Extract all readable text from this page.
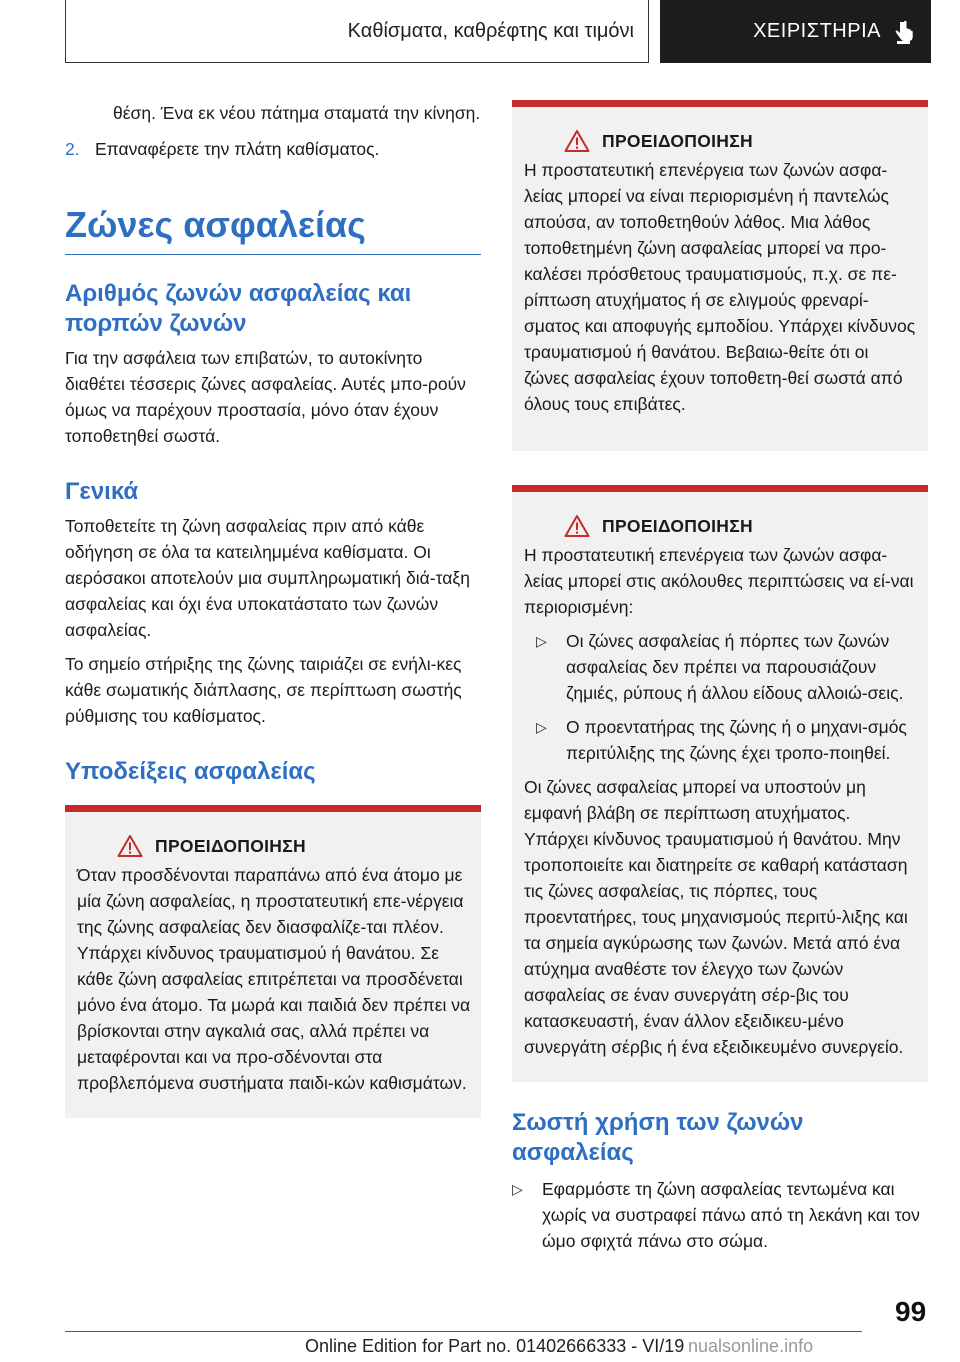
Καθίσματα, καθρέφτης και τιμόνι	ΧΕΙΡΙΣΤΗΡΙΑ

θέση. Ένα εκ νέου πάτημα σταματά την κίνηση.

2. Επαναφέρετε την πλάτη καθίσματος.
Ζώνες ασφαλείας
Αριθμός ζωνών ασφαλείας και πορπών ζωνών

Για την ασφάλεια των επιβατών, το αυτοκίνητο διαθέτει τέσσερις ζώνες ασφαλείας. Αυτές μπο-ρούν όμως να παρέχουν προστασία, μόνο όταν έχουν τοποθετηθεί σωστά.

Γενικά

Τοποθετείτε τη ζώνη ασφαλείας πριν από κάθε οδήγηση σε όλα τα κατειλημμένα καθίσματα. Οι αερόσακοι αποτελούν μια συμπληρωματική διά-ταξη ασφαλείας και όχι ένα υποκατάστατο των ζωνών ασφαλείας.

Το σημείο στήριξης της ζώνης ταιριάζει σε ενήλι-κες κάθε σωματικής διάπλασης, σε περίπτωση σωστής ρύθμισης του καθίσματος.

Υποδείξεις ασφαλείας
ΠΡΟΕΙΔΟΠΟΙΗΣΗ

Όταν προσδένονται παραπάνω από ένα άτομο με μία ζώνη ασφαλείας, η προστατευτική επε-νέργεια της ζώνης ασφαλείας δεν διασφαλίζε-ται πλέον. Υπάρχει κίνδυνος τραυματισμού ή θανάτου. Σε κάθε ζώνη ασφαλείας επιτρέπεται να προσδένεται μόνο ένα άτομο. Τα μωρά και παιδιά δεν πρέπει να βρίσκονται στην αγκαλιά σας, αλλά πρέπει να μεταφέρονται και να προ-σδένονται στα προβλεπόμενα συστήματα παιδι-κών καθισμάτων.

ΠΡΟΕΙΔΟΠΟΙΗΣΗ

Η προστατευτική επενέργεια των ζωνών ασφα-λείας μπορεί να είναι περιορισμένη ή παντελώς απούσα, αν τοποθετηθούν λάθος. Μια λάθος τοποθετημένη ζώνη ασφαλείας μπορεί να προ-καλέσει πρόσθετους τραυματισμούς, π.χ. σε πε-ρίπτωση ατυχήματος ή σε ελιγμούς φρεναρί-σματος και αποφυγής εμποδίου. Υπάρχει κίνδυνος τραυματισμού ή θανάτου. Βεβαιω-θείτε ότι οι ζώνες ασφαλείας έχουν τοποθετη-θεί σωστά από όλους τους επιβάτες.

ΠΡΟΕΙΔΟΠΟΙΗΣΗ

Η προστατευτική επενέργεια των ζωνών ασφα-λείας μπορεί στις ακόλουθες περιπτώσεις να εί-ναι περιορισμένη:

▷	Οι ζώνες ασφαλείας ή πόρπες των ζωνών ασφαλείας δεν πρέπει να παρουσιάζουν ζημιές, ρύπους ή άλλου είδους αλλοιώ-σεις.
▷	Ο προεντατήρας της ζώνης ή ο μηχανι-σμός περιτύλιξης της ζώνης έχει τροπο-ποιηθεί.

Οι ζώνες ασφαλείας μπορεί να υποστούν μη εμφανή βλάβη σε περίπτωση ατυχήματος. Υπάρχει κίνδυνος τραυματισμού ή θανάτου. Μην τροποποιείτε και διατηρείτε σε καθαρή κατάσταση τις ζώνες ασφαλείας, τις πόρπες, τους προεντατήρες, τους μηχανισμούς περιτύ-λιξης και τα σημεία αγκύρωσης των ζωνών. Μετά από ένα ατύχημα αναθέστε τον έλεγχο των ζωνών ασφαλείας σε έναν συνεργάτη σέρ-βις του κατασκευαστή, έναν άλλον εξειδικευ-μένο συνεργάτη σέρβις ή ένα εξειδικευμένο συνεργείο.

Σωστή χρήση των ζωνών ασφαλείας
▷	Εφαρμόστε τη ζώνη ασφαλείας τεντωμένα και χωρίς να συστραφεί πάνω από τη λεκάνη και τον ώμο σφιχτά πάνω στο σώμα.
99
Online Edition for Part no. 01402666333 - VI/19 nualsonline.info
